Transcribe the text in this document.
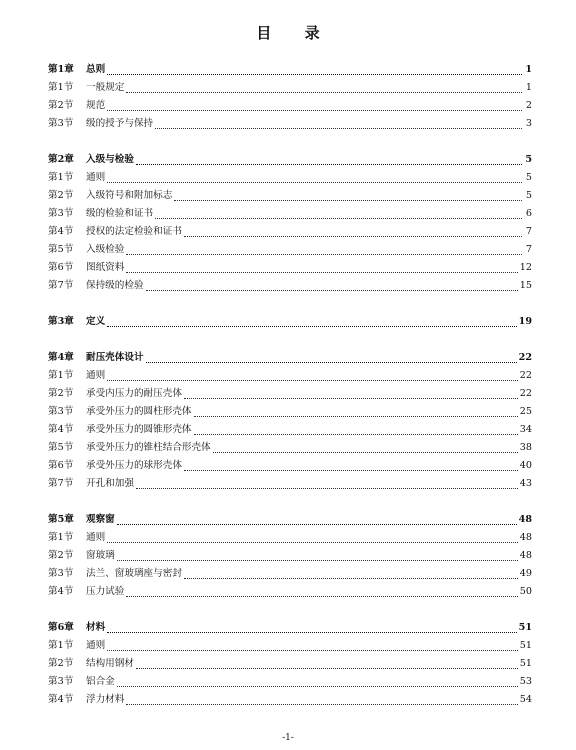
目 录
第1章	总则	1
第1节	一般规定	1
第2节	规范	2
第3节	级的授予与保持	3
第2章	入级与检验	5
第1节	通则	5
第2节	入级符号和附加标志	5
第3节	级的检验和证书	6
第4节	授权的法定检验和证书	7
第5节	入级检验	7
第6节	图纸资料	12
第7节	保持级的检验	15
第3章	定义	19
第4章	耐压壳体设计	22
第1节	通则	22
第2节	承受内压力的耐压壳体	22
第3节	承受外压力的圆柱形壳体	25
第4节	承受外压力的圆锥形壳体	34
第5节	承受外压力的锥柱结合形壳体	38
第6节	承受外压力的球形壳体	40
第7节	开孔和加强	43
第5章	观察窗	48
第1节	通则	48
第2节	窗玻璃	48
第3节	法兰、窗玻璃座与密封	49
第4节	压力试验	50
第6章	材料	51
第1节	通则	51
第2节	结构用钢材	51
第3节	铝合金	53
第4节	浮力材料	54
-1-
